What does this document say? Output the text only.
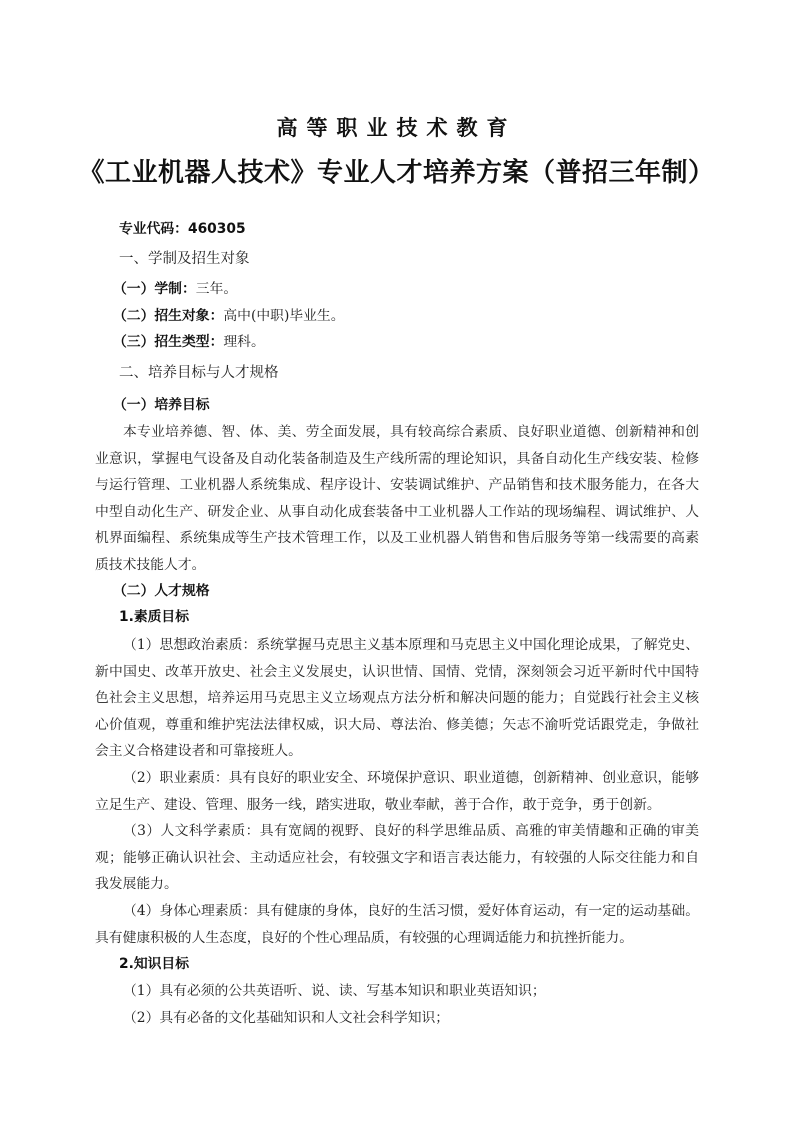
高等职业技术教育
《工业机器人技术》专业人才培养方案（普招三年制）
专业代码：460305
一、学制及招生对象
（一）学制：三年。
（二）招生对象：高中(中职)毕业生。
（三）招生类型：理科。
二、培养目标与人才规格
（一）培养目标
本专业培养德、智、体、美、劳全面发展，具有较高综合素质、良好职业道德、创新精神和创业意识，掌握电气设备及自动化装备制造及生产线所需的理论知识，具备自动化生产线安装、检修与运行管理、工业机器人系统集成、程序设计、安装调试维护、产品销售和技术服务能力，在各大中型自动化生产、研发企业、从事自动化成套装备中工业机器人工作站的现场编程、调试维护、人机界面编程、系统集成等生产技术管理工作，以及工业机器人销售和售后服务等第一线需要的高素质技术技能人才。
（二）人才规格
1.素质目标
（1）思想政治素质：系统掌握马克思主义基本原理和马克思主义中国化理论成果，了解党史、新中国史、改革开放史、社会主义发展史，认识世情、国情、党情，深刻领会习近平新时代中国特色社会主义思想，培养运用马克思主义立场观点方法分析和解决问题的能力；自觉践行社会主义核心价值观，尊重和维护宪法法律权威，识大局、尊法治、修美德；矢志不渝听党话跟党走，争做社会主义合格建设者和可靠接班人。
（2）职业素质：具有良好的职业安全、环境保护意识、职业道德，创新精神、创业意识，能够立足生产、建设、管理、服务一线，踏实进取，敬业奉献，善于合作，敢于竞争，勇于创新。
（3）人文科学素质：具有宽阔的视野、良好的科学思维品质、高雅的审美情趣和正确的审美观；能够正确认识社会、主动适应社会，有较强文字和语言表达能力，有较强的人际交往能力和自我发展能力。
（4）身体心理素质：具有健康的身体，良好的生活习惯，爱好体育运动，有一定的运动基础。具有健康积极的人生态度，良好的个性心理品质，有较强的心理调适能力和抗挫折能力。
2.知识目标
（1）具有必须的公共英语听、说、读、写基本知识和职业英语知识；
（2）具有必备的文化基础知识和人文社会科学知识；
